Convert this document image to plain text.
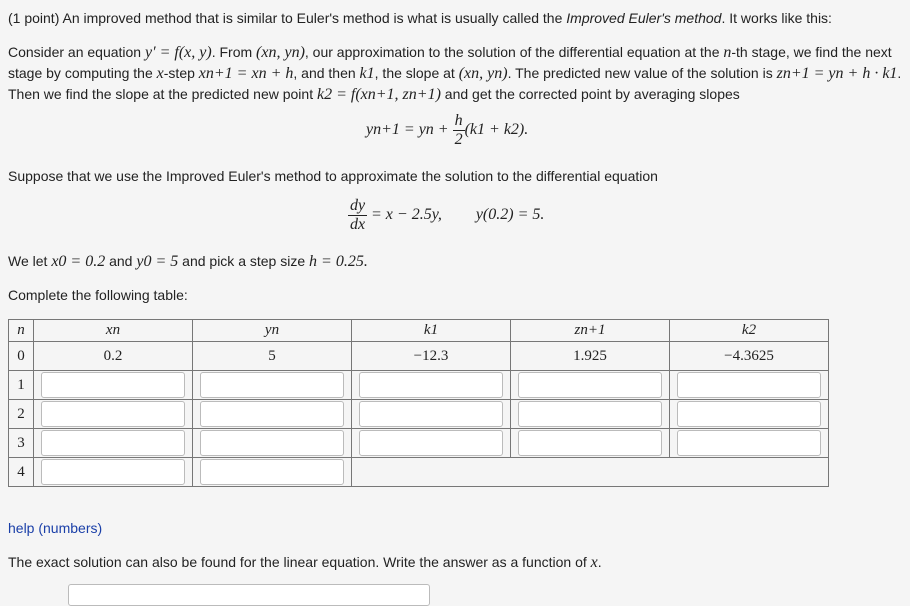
(1 point) An improved method that is similar to Euler's method is what is usually called the Improved Euler's method. It works like this:
Consider an equation y′ = f(x, y). From (xn, yn), our approximation to the solution of the differential equation at the n-th stage, we find the next stage by computing the x-step xn+1 = xn + h, and then k1, the slope at (xn, yn). The predicted new value of the solution is zn+1 = yn + h · k1. Then we find the slope at the predicted new point k2 = f(xn+1, zn+1) and get the corrected point by averaging slopes
yn+1 = yn + $\frac{h}{2} (k1 + k2)$.
Suppose that we use the Improved Euler's method to approximate the solution to the differential equation
$\frac{dy}{dx} = x - 2.5y$, y(0.2) = 5.
We let x0 = 0.2 and y0 = 5 and pick a step size h = 0.25.
Complete the following table:
n	xn	yn	k1	zn+1	k2
0	0.2	5	−12.3	1.925	−4.3625
1					
2					
3					
4			
help (numbers)
The exact solution can also be found for the linear equation. Write the answer as a function of x.
